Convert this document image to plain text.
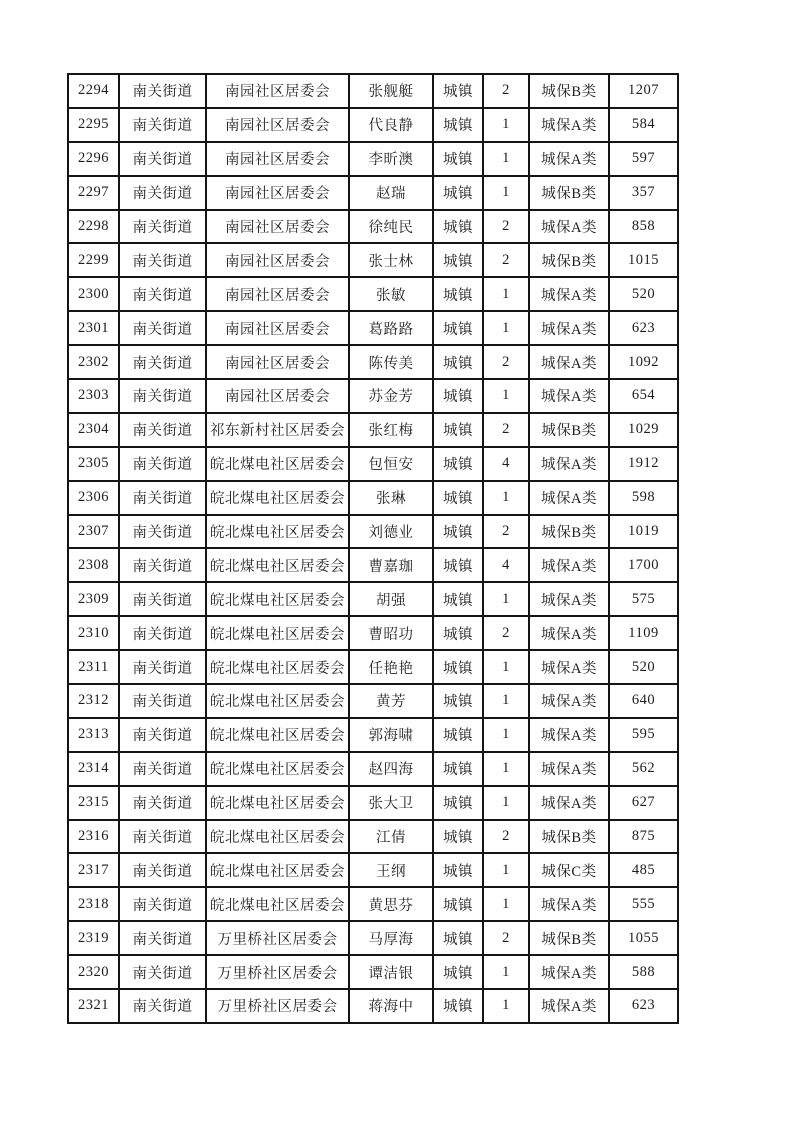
2294	南关街道	南园社区居委会	张舰艇	城镇	2	城保B类	1207
2295	南关街道	南园社区居委会	代良静	城镇	1	城保A类	584
2296	南关街道	南园社区居委会	李昕澳	城镇	1	城保A类	597
2297	南关街道	南园社区居委会	赵瑞	城镇	1	城保B类	357
2298	南关街道	南园社区居委会	徐纯民	城镇	2	城保A类	858
2299	南关街道	南园社区居委会	张士林	城镇	2	城保B类	1015
2300	南关街道	南园社区居委会	张敏	城镇	1	城保A类	520
2301	南关街道	南园社区居委会	葛路路	城镇	1	城保A类	623
2302	南关街道	南园社区居委会	陈传美	城镇	2	城保A类	1092
2303	南关街道	南园社区居委会	苏金芳	城镇	1	城保A类	654
2304	南关街道	祁东新村社区居委会	张红梅	城镇	2	城保B类	1029
2305	南关街道	皖北煤电社区居委会	包恒安	城镇	4	城保A类	1912
2306	南关街道	皖北煤电社区居委会	张琳	城镇	1	城保A类	598
2307	南关街道	皖北煤电社区居委会	刘德业	城镇	2	城保B类	1019
2308	南关街道	皖北煤电社区居委会	曹嘉珈	城镇	4	城保A类	1700
2309	南关街道	皖北煤电社区居委会	胡强	城镇	1	城保A类	575
2310	南关街道	皖北煤电社区居委会	曹昭功	城镇	2	城保A类	1109
2311	南关街道	皖北煤电社区居委会	任艳艳	城镇	1	城保A类	520
2312	南关街道	皖北煤电社区居委会	黄芳	城镇	1	城保A类	640
2313	南关街道	皖北煤电社区居委会	郭海啸	城镇	1	城保A类	595
2314	南关街道	皖北煤电社区居委会	赵四海	城镇	1	城保A类	562
2315	南关街道	皖北煤电社区居委会	张大卫	城镇	1	城保A类	627
2316	南关街道	皖北煤电社区居委会	江倩	城镇	2	城保B类	875
2317	南关街道	皖北煤电社区居委会	王纲	城镇	1	城保C类	485
2318	南关街道	皖北煤电社区居委会	黄思芬	城镇	1	城保A类	555
2319	南关街道	万里桥社区居委会	马厚海	城镇	2	城保B类	1055
2320	南关街道	万里桥社区居委会	谭洁银	城镇	1	城保A类	588
2321	南关街道	万里桥社区居委会	蒋海中	城镇	1	城保A类	623
